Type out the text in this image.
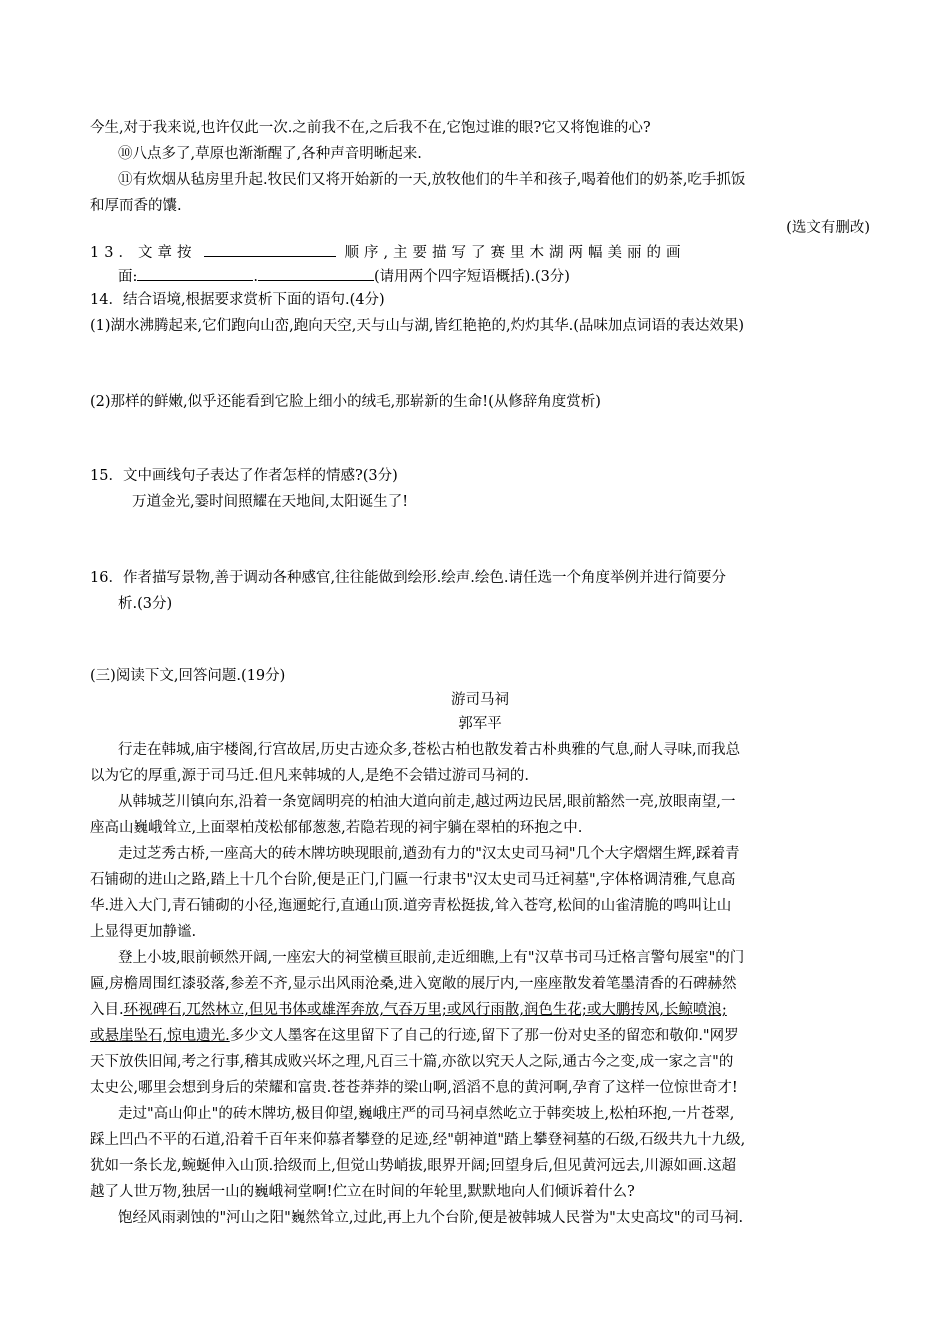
今生,对于我来说,也许仅此一次.之前我不在,之后我不在,它饱过谁的眼?它又将饱谁的心?
⑩八点多了,草原也渐渐醒了,各种声音明晰起来.
⑪有炊烟从毡房里升起.牧民们又将开始新的一天,放牧他们的牛羊和孩子,喝着他们的奶茶,吃手抓饭
和厚而香的馕.
(选文有删改)
13．文章按	顺序,主要描写了赛里木湖两幅美丽的画
面:	.	(请用两个四字短语概括).(3分)
14．结合语境,根据要求赏析下面的语句.(4分)
(1)湖水沸腾起来,它们跑向山峦,跑向天空,天与山与湖,皆红艳艳的,灼灼其华.(品味加点词语的表达效果)
(2)那样的鲜嫩,似乎还能看到它脸上细小的绒毛,那崭新的生命!(从修辞角度赏析)
15．文中画线句子表达了作者怎样的情感?(3分)
万道金光,霎时间照耀在天地间,太阳诞生了!
16．作者描写景物,善于调动各种感官,往往能做到绘形.绘声.绘色.请任选一个角度举例并进行简要分
析.(3分)
(三)阅读下文,回答问题.(19分)
游司马祠
郭军平
行走在韩城,庙宇楼阁,行宫故居,历史古迹众多,苍松古柏也散发着古朴典雅的气息,耐人寻味,而我总
以为它的厚重,源于司马迁.但凡来韩城的人,是绝不会错过游司马祠的.
从韩城芝川镇向东,沿着一条宽阔明亮的柏油大道向前走,越过两边民居,眼前豁然一亮,放眼南望,一
座高山巍峨耸立,上面翠柏茂松郁郁葱葱,若隐若现的祠宇躺在翠柏的环抱之中.
走过芝秀古桥,一座高大的砖木牌坊映现眼前,遒劲有力的"汉太史司马祠"几个大字熠熠生辉,踩着青
石铺砌的进山之路,踏上十几个台阶,便是正门,门匾一行隶书"汉太史司马迁祠墓",字体格调清雅,气息高
华.进入大门,青石铺砌的小径,迤逦蛇行,直通山顶.道旁青松挺拔,耸入苍穹,松间的山雀清脆的鸣叫让山
上显得更加静谧.
登上小坡,眼前顿然开阔,一座宏大的祠堂横亘眼前,走近细瞧,上有"汉草书司马迁格言警句展室"的门
匾,房檐周围红漆驳落,参差不齐,显示出风雨沧桑,进入宽敞的展厅内,一座座散发着笔墨清香的石碑赫然
入目.环视碑石,兀然林立,但见书体或雄浑奔放,气吞万里;或风行雨散,润色生花;或大鹏抟风,长鲸喷浪;
或悬崖坠石,惊电遗光.多少文人墨客在这里留下了自己的行迹,留下了那一份对史圣的留恋和敬仰."网罗
天下放佚旧闻,考之行事,稽其成败兴坏之理,凡百三十篇,亦欲以究天人之际,通古今之变,成一家之言"的
太史公,哪里会想到身后的荣耀和富贵.苍苍莽莽的梁山啊,滔滔不息的黄河啊,孕育了这样一位惊世奇才!
走过"高山仰止"的砖木牌坊,极目仰望,巍峨庄严的司马祠卓然屹立于韩奕坡上,松柏环抱,一片苍翠,
踩上凹凸不平的石道,沿着千百年来仰慕者攀登的足迹,经"朝神道"踏上攀登祠墓的石级,石级共九十九级,
犹如一条长龙,蜿蜒伸入山顶.拾级而上,但觉山势峭拔,眼界开阔;回望身后,但见黄河远去,川源如画.这超
越了人世万物,独居一山的巍峨祠堂啊!伫立在时间的年轮里,默默地向人们倾诉着什么?
饱经风雨剥蚀的"河山之阳"巍然耸立,过此,再上九个台阶,便是被韩城人民誉为"太史高坟"的司马祠.
